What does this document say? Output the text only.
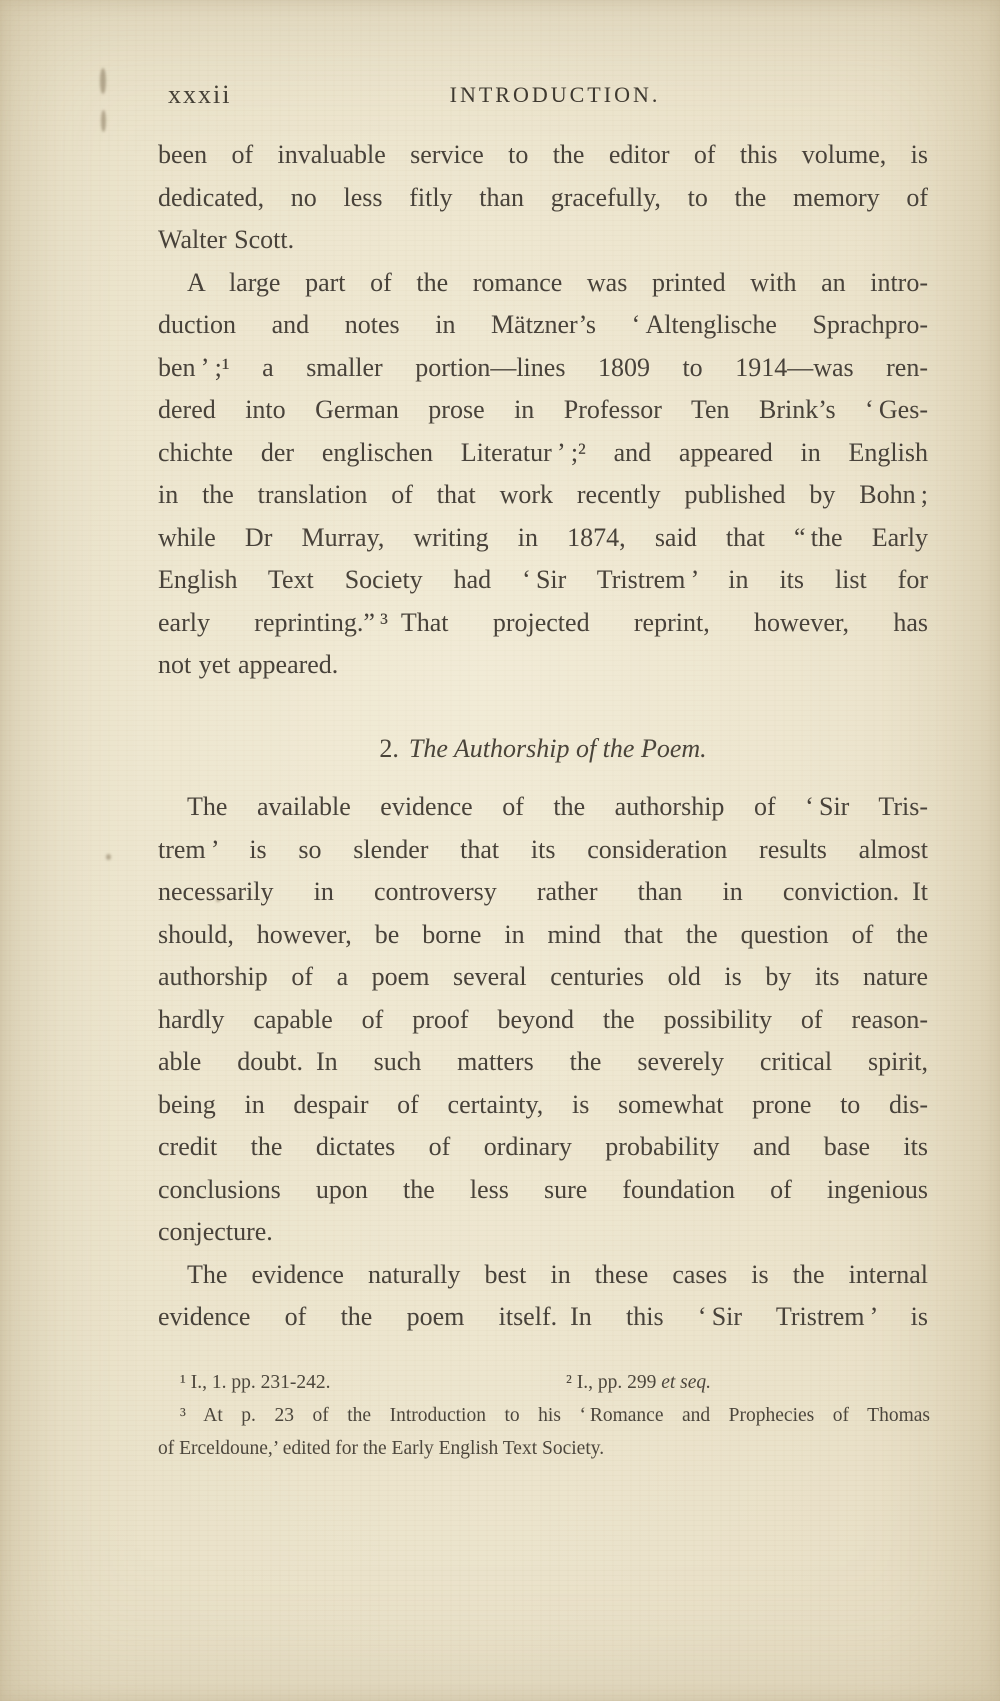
xxxii	INTRODUCTION.
been of invaluable service to the editor of this volume, is
dedicated, no less fitly than gracefully, to the memory of
Walter Scott.
A large part of the romance was printed with an intro-
duction and notes in Mätzner’s ‘ Altenglische Sprachpro-
ben ’ ;¹ a smaller portion—lines 1809 to 1914—was ren-
dered into German prose in Professor Ten Brink’s ‘ Ges-
chichte der englischen Literatur ’ ;² and appeared in English
in the translation of that work recently published by Bohn ;
while Dr Murray, writing in 1874, said that “ the Early
English Text Society had ‘ Sir Tristrem ’ in its list for
early reprinting.” ³ That projected reprint, however, has
not yet appeared.
2. The Authorship of the Poem.
The available evidence of the authorship of ‘ Sir Tris-
trem ’ is so slender that its consideration results almost
necessarily in controversy rather than in conviction. It
should, however, be borne in mind that the question of the
authorship of a poem several centuries old is by its nature
hardly capable of proof beyond the possibility of reason-
able doubt. In such matters the severely critical spirit,
being in despair of certainty, is somewhat prone to dis-
credit the dictates of ordinary probability and base its
conclusions upon the less sure foundation of ingenious
conjecture.
The evidence naturally best in these cases is the internal
evidence of the poem itself. In this ‘ Sir Tristrem ’ is
¹ I., 1. pp. 231-242.	² I., pp. 299 et seq.
³ At p. 23 of the Introduction to his ‘ Romance and Prophecies of Thomas
of Erceldoune,’ edited for the Early English Text Society.
